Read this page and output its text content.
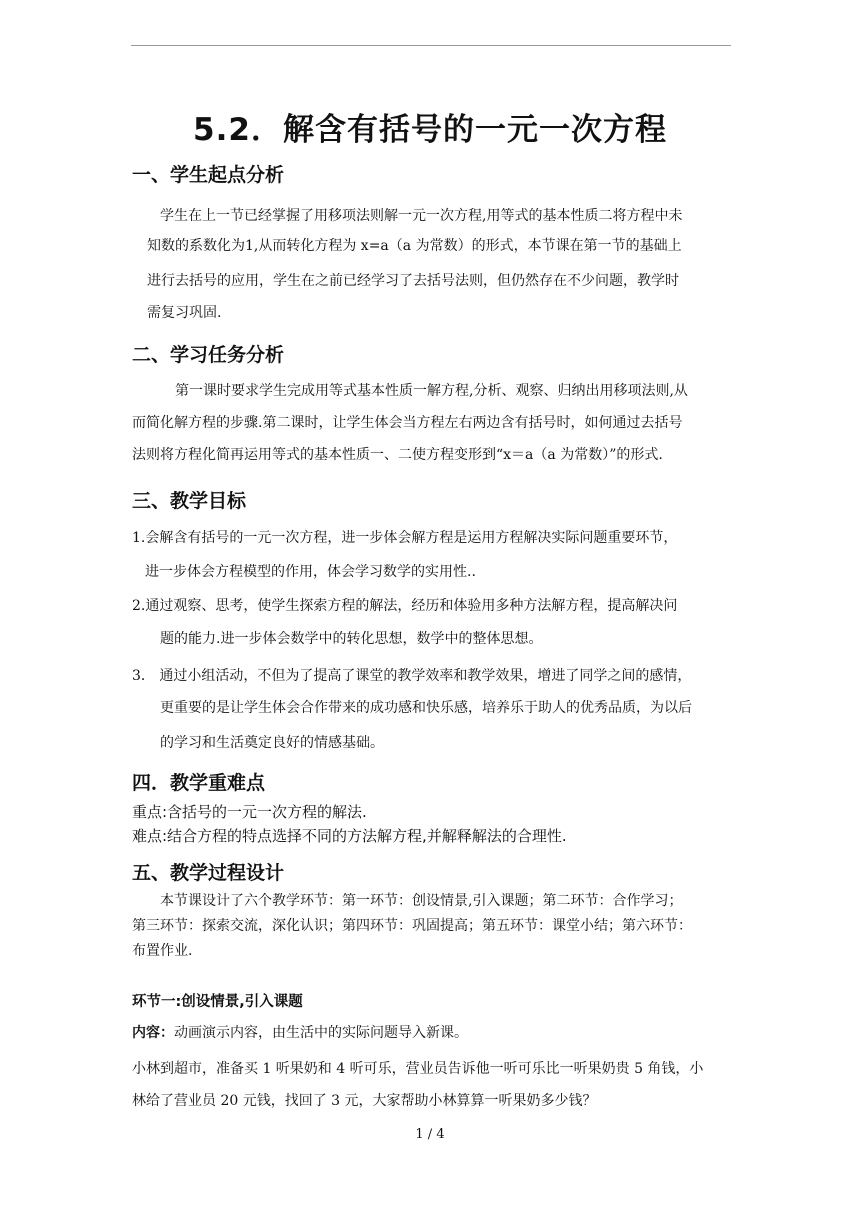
5.2．解含有括号的一元一次方程
一、学生起点分析
学生在上一节已经掌握了用移项法则解一元一次方程,用等式的基本性质二将方程中未
知数的系数化为1,从而转化方程为 x=a（a 为常数）的形式，本节课在第一节的基础上
进行去括号的应用，学生在之前已经学习了去括号法则，但仍然存在不少问题，教学时
需复习巩固.
二、学习任务分析
第一课时要求学生完成用等式基本性质一解方程,分析、观察、归纳出用移项法则,从
而简化解方程的步骤.第二课时，让学生体会当方程左右两边含有括号时，如何通过去括号
法则将方程化简再运用等式的基本性质一、二使方程变形到“x＝a（a 为常数）”的形式.
三、教学目标
1.会解含有括号的一元一次方程，进一步体会解方程是运用方程解决实际问题重要环节，
进一步体会方程模型的作用，体会学习数学的实用性..
2.通过观察、思考，使学生探索方程的解法，经历和体验用多种方法解方程，提高解决问
题的能力.进一步体会数学中的转化思想，数学中的整体思想。
3． 通过小组活动，不但为了提高了课堂的教学效率和教学效果，增进了同学之间的感情，
更重要的是让学生体会合作带来的成功感和快乐感，培养乐于助人的优秀品质，为以后
的学习和生活奠定良好的情感基础。
四．教学重难点
重点:含括号的一元一次方程的解法.
难点:结合方程的特点选择不同的方法解方程,并解释解法的合理性.
五、教学过程设计
本节课设计了六个教学环节：第一环节：创设情景,引入课题；第二环节：合作学习；
第三环节：探索交流，深化认识；第四环节：巩固提高；第五环节：课堂小结；第六环节：
布置作业.
环节一:创设情景,引入课题
内容：动画演示内容，由生活中的实际问题导入新课。
小林到超市，准备买 1 听果奶和 4 听可乐，营业员告诉他一听可乐比一听果奶贵 5 角钱，小
林给了营业员 20 元钱，找回了 3 元，大家帮助小林算算一听果奶多少钱？
1 / 4
